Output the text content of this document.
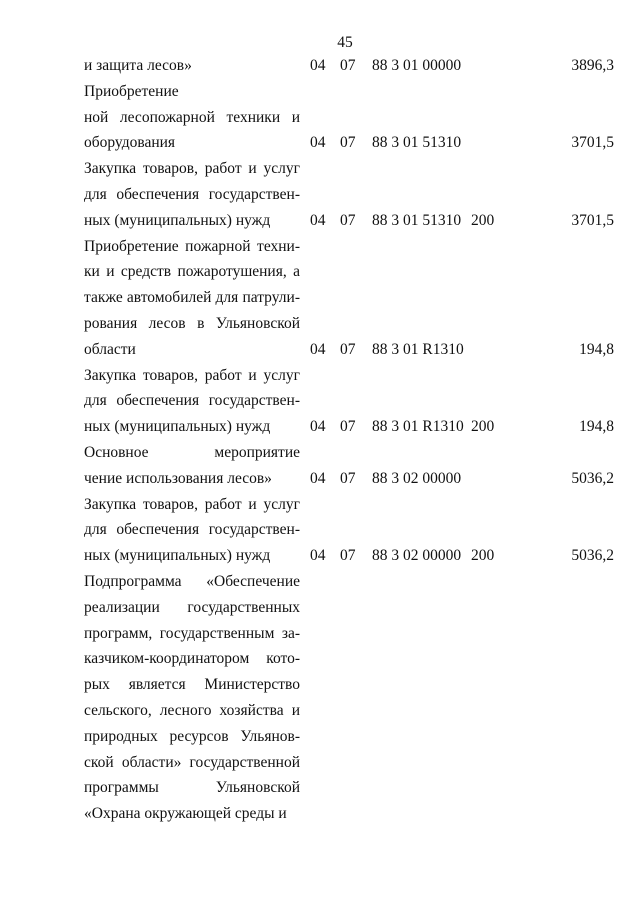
45
и защита лесов»	04 07 88 3 01 00000	3896,3
Приобретение
ной лесопожарной техники и
оборудования	04 07 88 3 01 51310	3701,5
Закупка товаров, работ и услуг
для обеспечения государствен-
ных (муниципальных) нужд	04 07 88 3 01 51310 200	3701,5
Приобретение пожарной техни-
ки и средств пожаротушения, а
также автомобилей для патрули-
рования лесов в Ульяновской
области	04 07 88 3 01 R1310	194,8
Закупка товаров, работ и услуг
для обеспечения государствен-
ных (муниципальных) нужд	04 07 88 3 01 R1310 200	194,8
Основное мероприятие
чение использования лесов»	04 07 88 3 02 00000	5036,2
Закупка товаров, работ и услуг
для обеспечения государствен-
ных (муниципальных) нужд	04 07 88 3 02 00000 200	5036,2
Подпрограмма «Обеспечение
реализации государственных
программ, государственным за-
казчиком-координатором кото-
рых является Министерство
сельского, лесного хозяйства и
природных ресурсов Ульянов-
ской области» государственной
программы Ульяновской
«Охрана окружающей среды и
